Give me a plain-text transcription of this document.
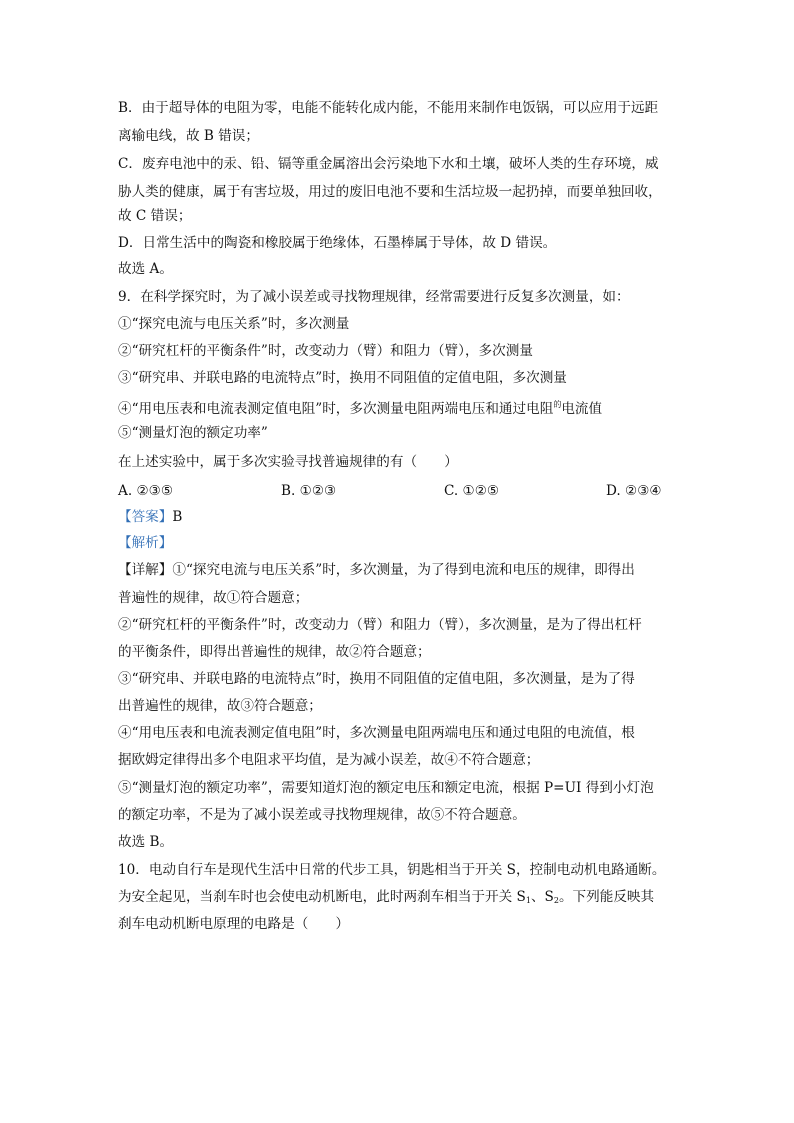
B．由于超导体的电阻为零，电能不能转化成内能，不能用来制作电饭锅，可以应用于远距
离输电线，故 B 错误；
C．废弃电池中的汞、铅、镉等重金属溶出会污染地下水和土壤，破坏人类的生存环境，威
胁人类的健康，属于有害垃圾，用过的废旧电池不要和生活垃圾一起扔掉，而要单独回收，
故 C 错误；
D．日常生活中的陶瓷和橡胶属于绝缘体，石墨棒属于导体，故 D 错误。
故选 A。
9．在科学探究时，为了减小误差或寻找物理规律，经常需要进行反复多次测量，如：
①“探究电流与电压关系”时，多次测量
②“研究杠杆的平衡条件”时，改变动力（臂）和阻力（臂），多次测量
③“研究串、并联电路的电流特点”时，换用不同阻值的定值电阻，多次测量
④“用电压表和电流表测定值电阻”时，多次测量电阻两端电压和通过电阻$^的$电流值
⑤“测量灯泡的额定功率”
在上述实验中，属于多次实验寻找普遍规律的有（　　）
A. ②③⑤	B. ①②③	C. ①②⑤	D. ②③④
【答案】B
【解析】
【详解】①“探究电流与电压关系”时，多次测量，为了得到电流和电压的规律，即得出
普遍性的规律，故①符合题意；
②“研究杠杆的平衡条件”时，改变动力（臂）和阻力（臂），多次测量，是为了得出杠杆
的平衡条件，即得出普遍性的规律，故②符合题意；
③“研究串、并联电路的电流特点”时，换用不同阻值的定值电阻，多次测量，是为了得
出普遍性的规律，故③符合题意；
④“用电压表和电流表测定值电阻”时，多次测量电阻两端电压和通过电阻的电流值，根
据欧姆定律得出多个电阻求平均值，是为减小误差，故④不符合题意；
⑤“测量灯泡的额定功率”，需要知道灯泡的额定电压和额定电流，根据 P=UI 得到小灯泡
的额定功率，不是为了减小误差或寻找物理规律，故⑤不符合题意。
故选 B。
10．电动自行车是现代生活中日常的代步工具，钥匙相当于开关 S，控制电动机电路通断。
为安全起见，当刹车时也会使电动机断电，此时两刹车相当于开关 $S_1$、$S_2$。下列能反映其
刹车电动机断电原理的电路是（　　）
